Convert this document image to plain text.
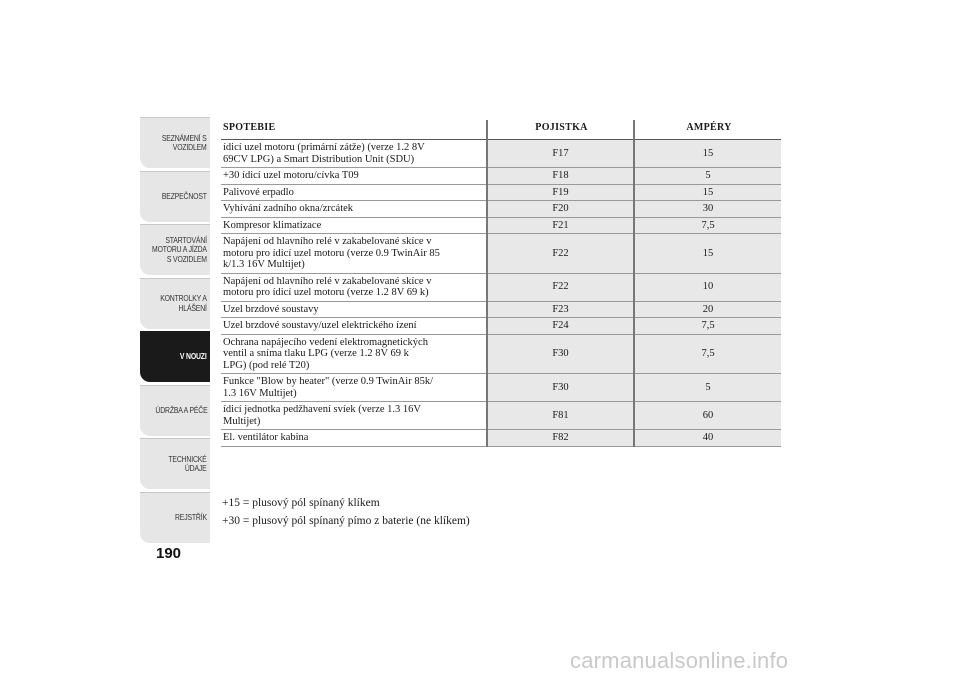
SEZNÁMENÍ S
VOZIDLEM
BEZPEČNOST
STARTOVÁNÍ
MOTORU A JÍZDA
S VOZIDLEM
KONTROLKY A
HLÁŠENÍ
V NOUZI
ÚDRŽBA A PÉČE
TECHNICKÉ
ÚDAJE
REJSTŘÍK
190
SPOTEBIE	POJISTKA	AMPÉRY
ídicí uzel motoru (primární zátže) (verze 1.2 8V
69CV LPG) a Smart Distribution Unit (SDU)	F17	15
+30 ídicí uzel motoru/cívka T09	F18	5
Palivové erpadlo	F19	15
Vyhívání zadního okna/zrcátek	F20	30
Kompresor klimatizace	F21	7,5
Napájení od hlavního relé v zakabelované skíce v
motoru pro ídicí uzel motoru (verze 0.9 TwinAir 85
k/1.3 16V Multijet)	F22	15
Napájení od hlavního relé v zakabelované skíce v
motoru pro ídicí uzel motoru (verze 1.2 8V 69 k)	F22	10
Uzel brzdové soustavy	F23	20
Uzel brzdové soustavy/uzel elektrického ízení	F24	7,5
Ochrana napájecího vedení elektromagnetických
ventil a sníma tlaku LPG (verze 1.2 8V 69 k
LPG) (pod relé T20)	F30	7,5
Funkce "Blow by heater" (verze 0.9 TwinAir 85k/
1.3 16V Multijet)	F30	5
ídicí jednotka pedžhavení svíek (verze 1.3 16V
Multijet)	F81	60
El. ventilátor kabina	F82	40
+15 = plusový pól spínaný klíkem
+30 = plusový pól spínaný pímo z baterie (ne klíkem)
carmanualsonline.info
